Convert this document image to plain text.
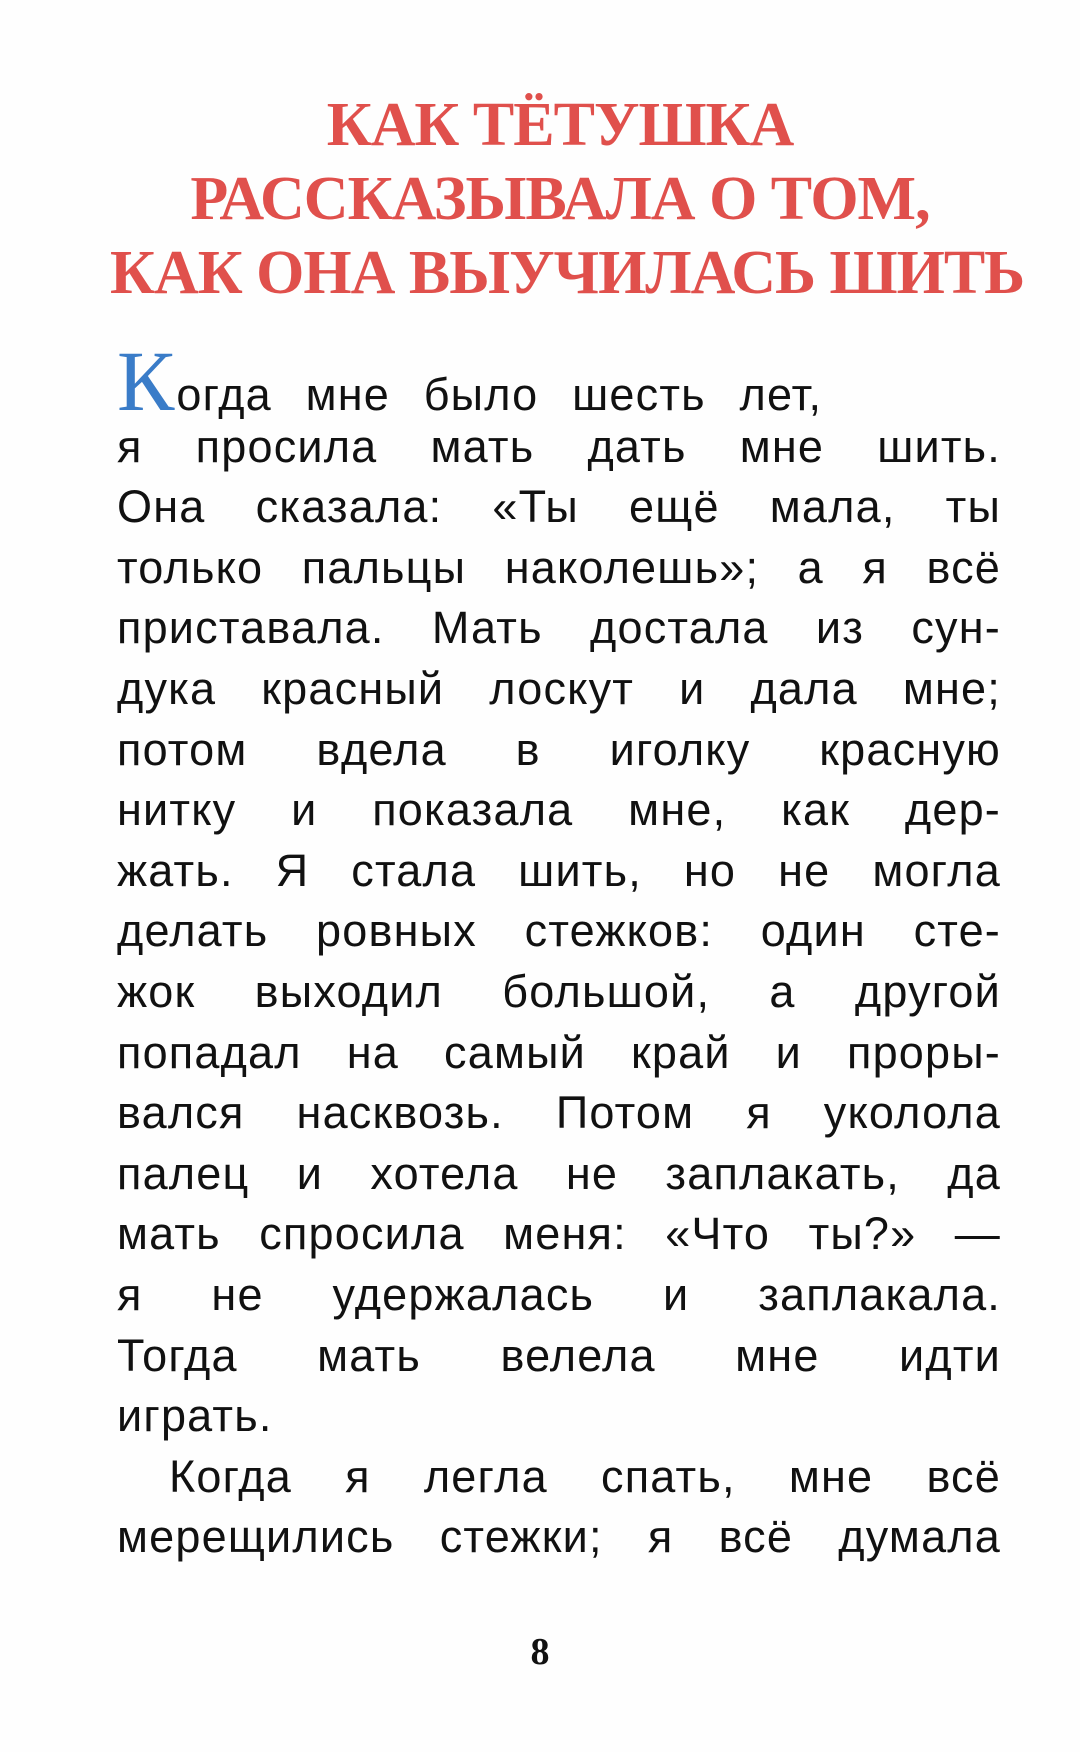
КАК ТЁТУШКА
РАССКАЗЫВАЛА О ТОМ,
КАК ОНА ВЫУЧИЛАСЬ ШИТЬ
Когда мне было шесть лет,
я просила мать дать мне шить.
Она сказала: «Ты ещё мала, ты
только пальцы наколешь»; а я всё
приставала. Мать достала из сун-
дука красный лоскут и дала мне;
потом вдела в иголку красную
нитку и показала мне, как дер-
жать. Я стала шить, но не могла
делать ровных стежков: один сте-
жок выходил большой, а другой
попадал на самый край и проры-
вался насквозь. Потом я уколола
палец и хотела не заплакать, да
мать спросила меня: «Что ты?» —
я не удержалась и заплакала.
Тогда мать велела мне идти
играть.
Когда я легла спать, мне всё
мерещились стежки; я всё думала
8
